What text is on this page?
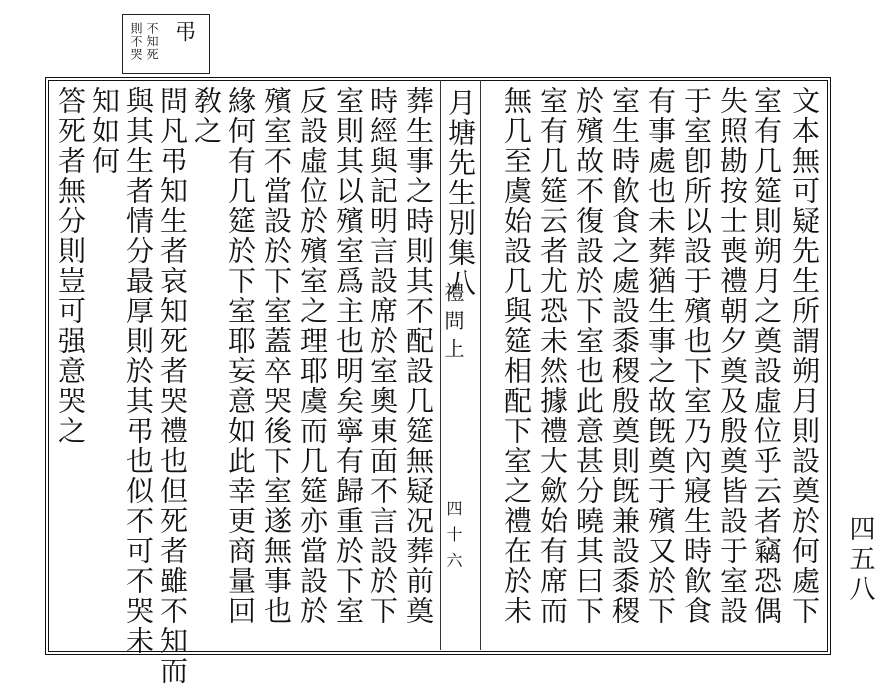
弔
不知死
則不哭
文本無可疑先生所謂朔月則設奠於何處下
室有几筵則朔月之奠設虛位乎云者竊恐偶
失照勘按士喪禮朝夕奠及殷奠皆設于室設
于室卽所以設于殯也下室乃內寢生時飮食
有事處也未葬猶生事之故旣奠于殯又於下
室生時飮食之處設黍稷殷奠則旣兼設黍稷
於殯故不復設於下室也此意甚分曉其曰下
室有几筵云者尤恐未然據禮大歛始有席而
無几至虞始設几與筵相配下室之禮在於未
月塘先生別集八
禮問上
四十六
葬生事之時則其不配設几筵無疑况葬前奠
時經與記明言設席於室奧東面不言設於下
室則其以殯室爲主也明矣寧有歸重於下室
反設虛位於殯室之理耶虞而几筵亦當設於
殯室不當設於下室蓋卒哭後下室遂無事也
緣何有几筵於下室耶妄意如此幸更商量回
敎之
問凡弔知生者哀知死者哭禮也但死者雖不知而
與其生者情分最厚則於其弔也似不可不哭未
知如何
答死者無分則豈可强意哭之
四五八
